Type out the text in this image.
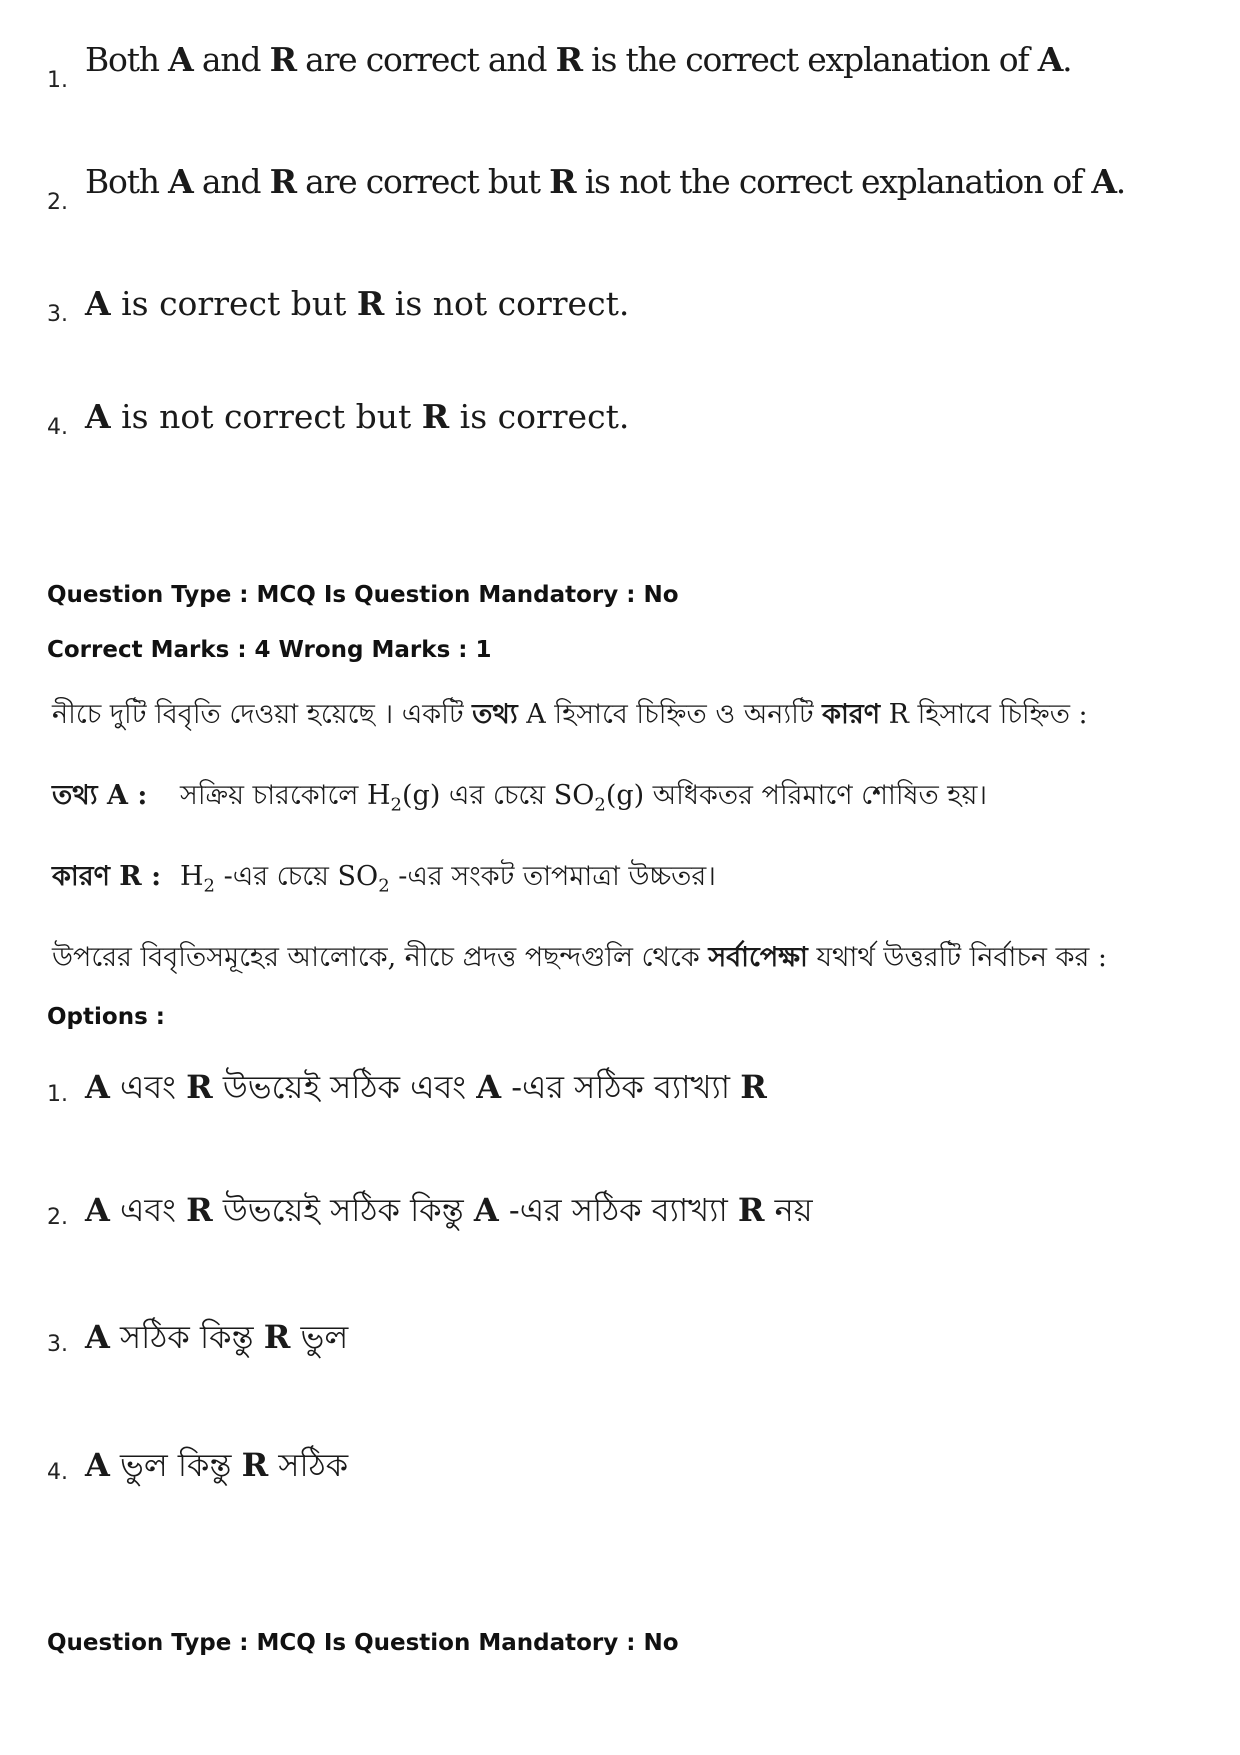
1.
Both A and R are correct and R is the correct explanation of A.
2.
Both A and R are correct but R is not the correct explanation of A.
3. A is correct but R is not correct.
4. A is not correct but R is correct.
Question Type : MCQ Is Question Mandatory : No
Correct Marks : 4 Wrong Marks : 1
নীচে দুটি বিবৃতি দেওয়া হয়েছে । একটি তথ্য A হিসাবে চিহ্নিত ও অন্যটি কারণ R হিসাবে চিহ্নিত :
তথ্য A : সক্রিয় চারকোলে $H_2(g)$ এর চেয়ে $SO_2(g)$ অধিকতর পরিমাণে শোষিত হয়।
কারণ R : $H_2$ -এর চেয়ে $SO_2$ -এর সংকট তাপমাত্রা উচ্চতর।
উপরের বিবৃতিসমূহের আলোকে, নীচে প্রদত্ত পছন্দগুলি থেকে সর্বাপেক্ষা যথার্থ উত্তরটি নির্বাচন কর :
Options :
1. A এবং R উভয়েই সঠিক এবং A -এর সঠিক ব্যাখ্যা R
2. A এবং R উভয়েই সঠিক কিন্তু A -এর সঠিক ব্যাখ্যা R নয়
3. A সঠিক কিন্তু R ভুল
4. A ভুল কিন্তু R সঠিক
Question Type : MCQ Is Question Mandatory : No
